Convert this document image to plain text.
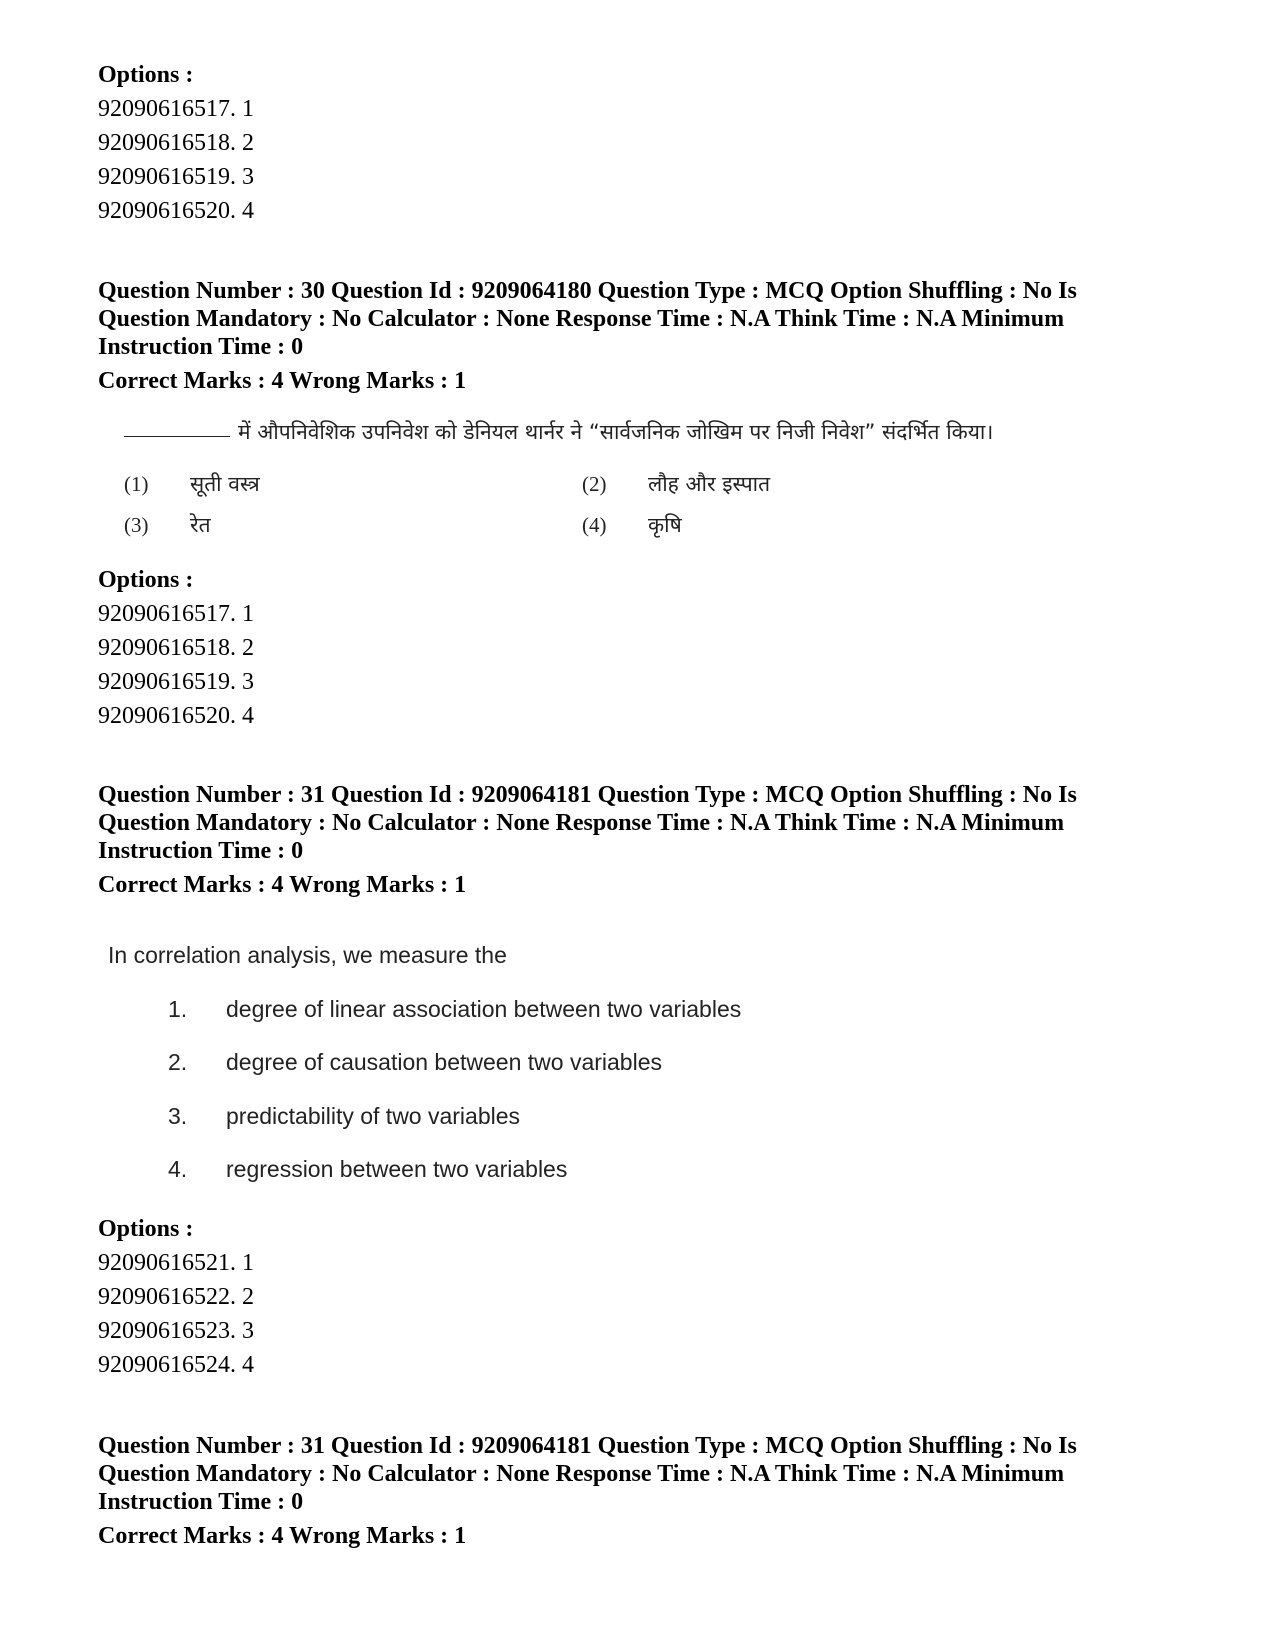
Options :
92090616517. 1
92090616518. 2
92090616519. 3
92090616520. 4
Question Number : 30 Question Id : 9209064180 Question Type : MCQ Option Shuffling : No Is
Question Mandatory : No Calculator : None Response Time : N.A Think Time : N.A Minimum
Instruction Time : 0
Correct Marks : 4 Wrong Marks : 1
में औपनिवेशिक उपनिवेश को डेनियल थार्नर ने “सार्वजनिक जोखिम पर निजी निवेश” संदर्भित किया।
(1) सूती वस्त्र	(2) लौह और इस्पात
(3) रेत	(4) कृषि
Options :
92090616517. 1
92090616518. 2
92090616519. 3
92090616520. 4
Question Number : 31 Question Id : 9209064181 Question Type : MCQ Option Shuffling : No Is
Question Mandatory : No Calculator : None Response Time : N.A Think Time : N.A Minimum
Instruction Time : 0
Correct Marks : 4 Wrong Marks : 1
In correlation analysis, we measure the
1. degree of linear association between two variables
2. degree of causation between two variables
3. predictability of two variables
4. regression between two variables
Options :
92090616521. 1
92090616522. 2
92090616523. 3
92090616524. 4
Question Number : 31 Question Id : 9209064181 Question Type : MCQ Option Shuffling : No Is
Question Mandatory : No Calculator : None Response Time : N.A Think Time : N.A Minimum
Instruction Time : 0
Correct Marks : 4 Wrong Marks : 1
